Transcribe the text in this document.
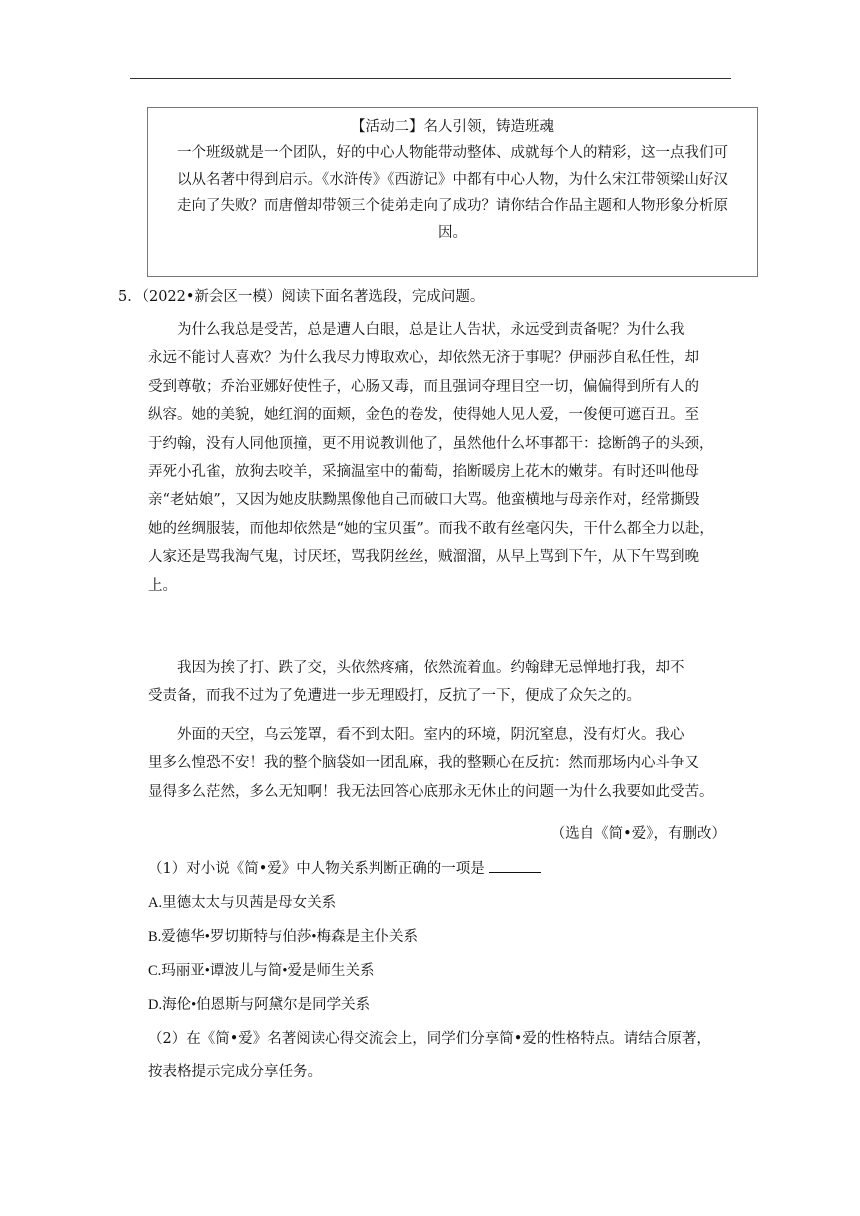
【活动二】名人引领，铸造班魂
一个班级就是一个团队，好的中心人物能带动整体、成就每个人的精彩，这一点我们可
以从名著中得到启示。《水浒传》《西游记》中都有中心人物，为什么宋江带领梁山好汉
走向了失败？而唐僧却带领三个徒弟走向了成功？请你结合作品主题和人物形象分析原
因。
5．（2022•新会区一模）阅读下面名著选段，完成问题。
为什么我总是受苦，总是遭人白眼，总是让人告状，永远受到责备呢？为什么我
永远不能讨人喜欢？为什么我尽力博取欢心，却依然无济于事呢？伊丽莎自私任性，却
受到尊敬；乔治亚娜好使性子，心肠又毒，而且强词夺理目空一切，偏偏得到所有人的
纵容。她的美貌，她红润的面颊，金色的卷发，使得她人见人爱，一俊便可遮百丑。至
于约翰，没有人同他顶撞，更不用说教训他了，虽然他什么坏事都干：捻断鸽子的头颈，
弄死小孔雀，放狗去咬羊，采摘温室中的葡萄，掐断暖房上花木的嫩芽。有时还叫他母
亲“老姑娘”，又因为她皮肤黝黑像他自己而破口大骂。他蛮横地与母亲作对，经常撕毁
她的丝绸服装，而他却依然是“她的宝贝蛋”。而我不敢有丝毫闪失，干什么都全力以赴，
人家还是骂我淘气鬼，讨厌坯，骂我阴丝丝，贼溜溜，从早上骂到下午，从下午骂到晚
上。
我因为挨了打、跌了交，头依然疼痛，依然流着血。约翰肆无忌惮地打我，却不
受责备，而我不过为了免遭进一步无理殴打，反抗了一下，便成了众矢之的。
外面的天空，乌云笼罩，看不到太阳。室内的环境，阴沉窒息，没有灯火。我心
里多么惶恐不安！我的整个脑袋如一团乱麻，我的整颗心在反抗：然而那场内心斗争又
显得多么茫然，多么无知啊！我无法回答心底那永无休止的问题一为什么我要如此受苦。
（选自《简•爱》，有删改）
（1）对小说《简•爱》中人物关系判断正确的一项是
A.里德太太与贝茜是母女关系
B.爱德华•罗切斯特与伯莎•梅森是主仆关系
C.玛丽亚•谭波儿与简•爱是师生关系
D.海伦•伯恩斯与阿黛尔是同学关系
（2）在《简•爱》名著阅读心得交流会上，同学们分享简•爱的性格特点。请结合原著，
按表格提示完成分享任务。
